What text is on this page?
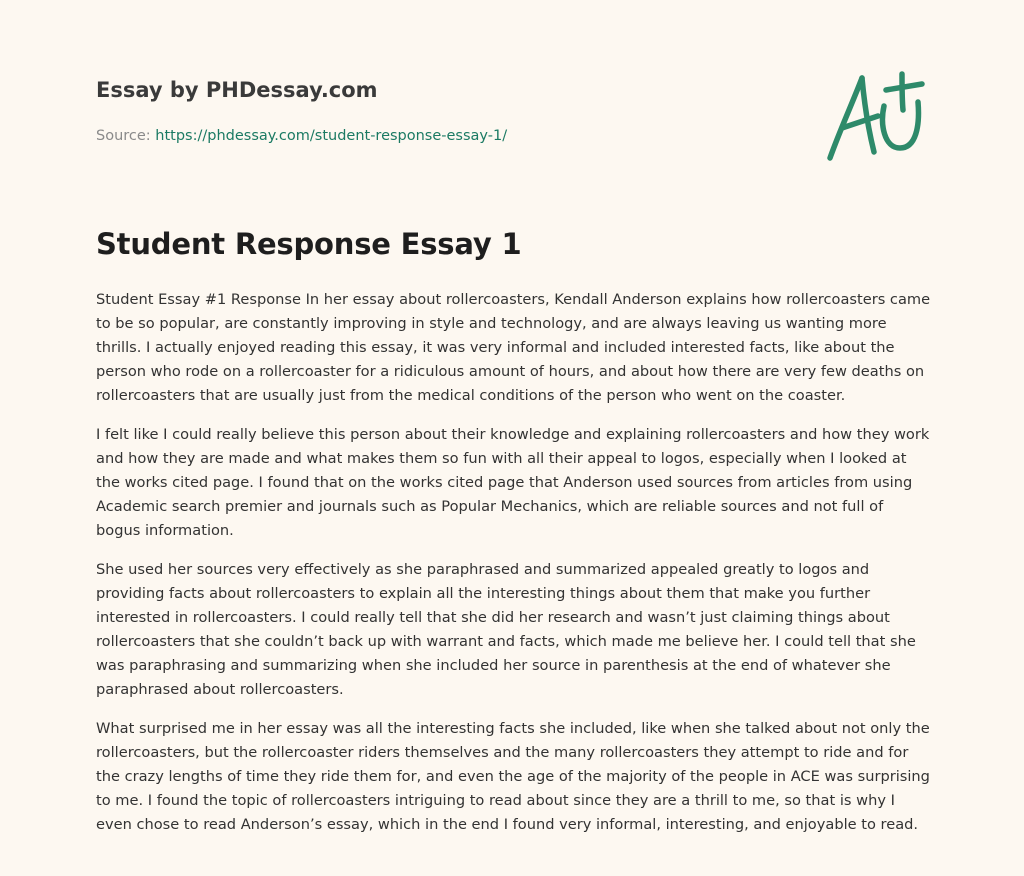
Essay by PHDessay.com
Source: https://phdessay.com/student-response-essay-1/
Student Response Essay 1

Student Essay #1 Response In her essay about rollercoasters, Kendall Anderson explains how rollercoasters came to be so popular, are constantly improving in style and technology, and are always leaving us wanting more thrills. I actually enjoyed reading this essay, it was very informal and included interested facts, like about the person who rode on a rollercoaster for a ridiculous amount of hours, and about how there are very few deaths on rollercoasters that are usually just from the medical conditions of the person who went on the coaster.

I felt like I could really believe this person about their knowledge and explaining rollercoasters and how they work and how they are made and what makes them so fun with all their appeal to logos, especially when I looked at the works cited page. I found that on the works cited page that Anderson used sources from articles from using Academic search premier and journals such as Popular Mechanics, which are reliable sources and not full of bogus information.

She used her sources very effectively as she paraphrased and summarized appealed greatly to logos and providing facts about rollercoasters to explain all the interesting things about them that make you further interested in rollercoasters. I could really tell that she did her research and wasn’t just claiming things about rollercoasters that she couldn’t back up with warrant and facts, which made me believe her. I could tell that she was paraphrasing and summarizing when she included her source in parenthesis at the end of whatever she paraphrased about rollercoasters.

What surprised me in her essay was all the interesting facts she included, like when she talked about not only the rollercoasters, but the rollercoaster riders themselves and the many rollercoasters they attempt to ride and for the crazy lengths of time they ride them for, and even the age of the majority of the people in ACE was surprising to me. I found the topic of rollercoasters intriguing to read about since they are a thrill to me, so that is why I even chose to read Anderson’s essay, which in the end I found very informal, interesting, and enjoyable to read.
